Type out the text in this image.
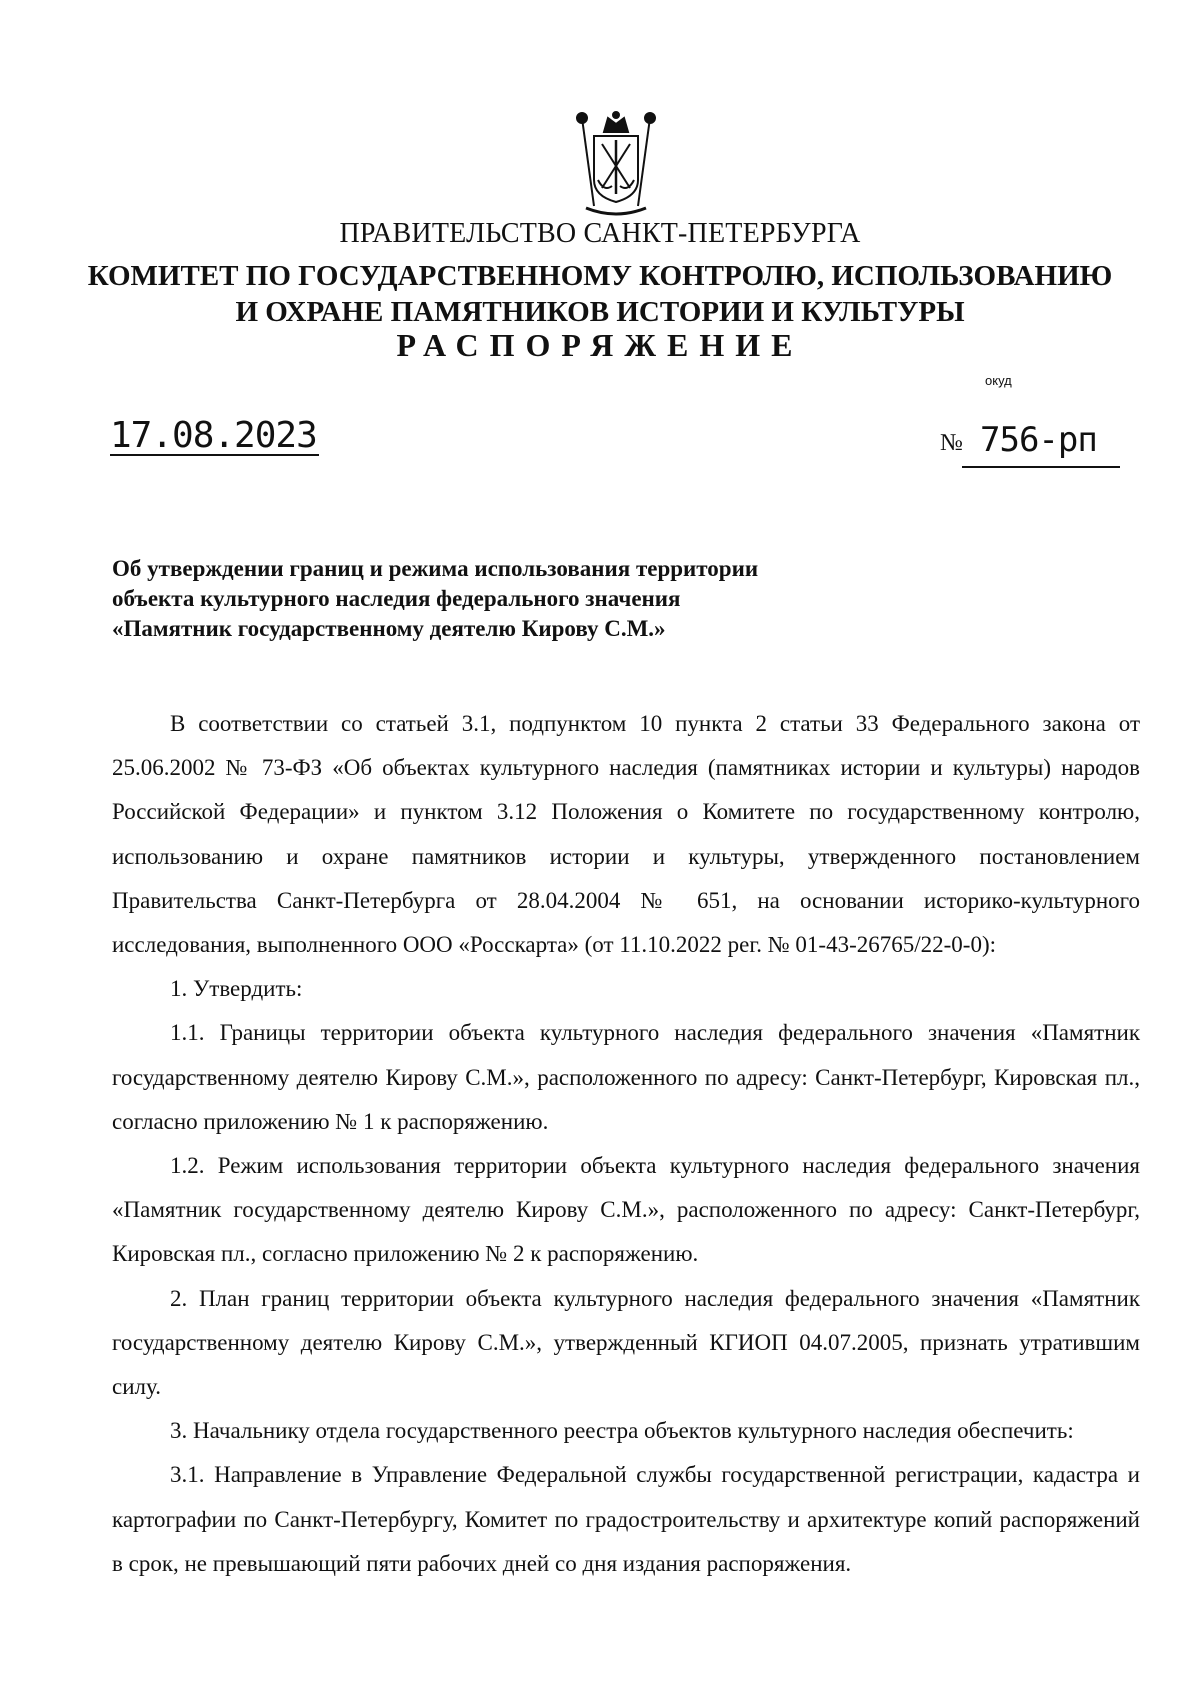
ПРАВИТЕЛЬСТВО САНКТ-ПЕТЕРБУРГА
КОМИТЕТ ПО ГОСУДАРСТВЕННОМУ КОНТРОЛЮ, ИСПОЛЬЗОВАНИЮ
И ОХРАНЕ ПАМЯТНИКОВ ИСТОРИИ И КУЛЬТУРЫ
РАСПОРЯЖЕНИЕ
окуд
17.08.2023	№ 756-рп
Об утверждении границ и режима использования территории
объекта культурного наследия федерального значения
«Памятник государственному деятелю Кирову С.М.»

В соответствии со статьей 3.1, подпунктом 10 пункта 2 статьи 33 Федерального закона от 25.06.2002 № 73-ФЗ «Об объектах культурного наследия (памятниках истории и культуры) народов Российской Федерации» и пунктом 3.12 Положения о Комитете по государственному контролю, использованию и охране памятников истории и культуры, утвержденного постановлением Правительства Санкт-Петербурга от 28.04.2004 № 651, на основании историко-культурного исследования, выполненного ООО «Росскарта» (от 11.10.2022 рег. № 01-43-26765/22-0-0):

1. Утвердить:

1.1. Границы территории объекта культурного наследия федерального значения «Памятник государственному деятелю Кирову С.М.», расположенного по адресу: Санкт-Петербург, Кировская пл., согласно приложению № 1 к распоряжению.

1.2. Режим использования территории объекта культурного наследия федерального значения «Памятник государственному деятелю Кирову С.М.», расположенного по адресу: Санкт-Петербург, Кировская пл., согласно приложению № 2 к распоряжению.

2. План границ территории объекта культурного наследия федерального значения «Памятник государственному деятелю Кирову С.М.», утвержденный КГИОП 04.07.2005, признать утратившим силу.

3. Начальнику отдела государственного реестра объектов культурного наследия обеспечить:

3.1. Направление в Управление Федеральной службы государственной регистрации, кадастра и картографии по Санкт-Петербургу, Комитет по градостроительству и архитектуре копий распоряжений в срок, не превышающий пяти рабочих дней со дня издания распоряжения.
